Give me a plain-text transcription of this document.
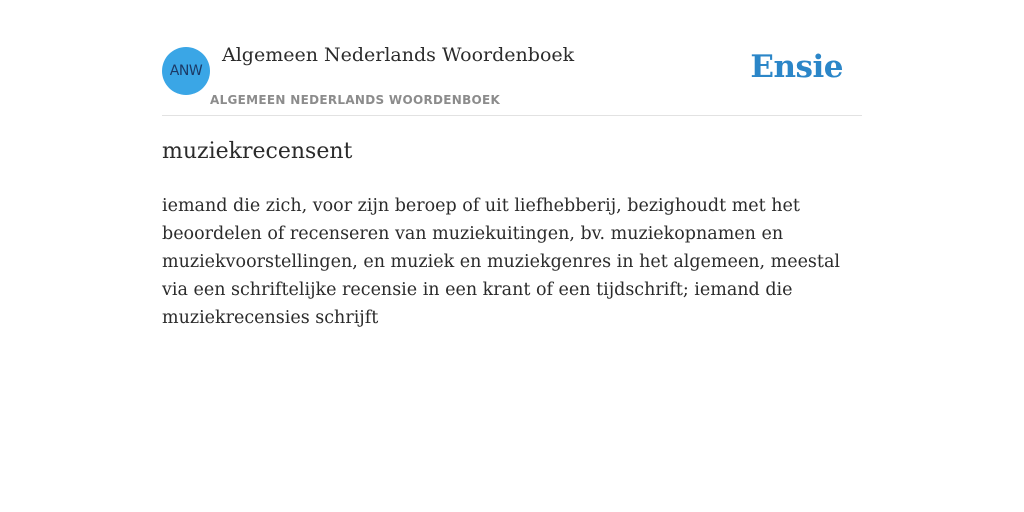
ANW
Algemeen Nederlands Woordenboek
ALGEMEEN NEDERLANDS WOORDENBOEK
Ensie
muziekrecensent

iemand die zich, voor zijn beroep of uit liefhebberij, bezighoudt met het beoordelen of recenseren van muziekuitingen, bv. muziekopnamen en muziekvoorstellingen, en muziek en muziekgenres in het algemeen, meestal via een schriftelijke recensie in een krant of een tijdschrift; iemand die muziekrecensies schrijft
